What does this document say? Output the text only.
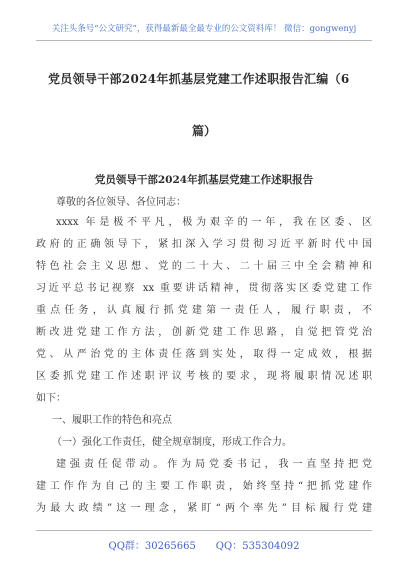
关注头条号“公文研究”，获得最新最全最专业的公文资料库！ 微信：gongwenyj
党员领导干部2024年抓基层党建工作述职报告汇编（6
篇）
党员领导干部2024年抓基层党建工作述职报告
尊敬的各位领导、各位同志：
xxxx 年是极不平凡，极为艰辛的一年，我在区委、区
政府的正确领导下，紧扣深入学习贯彻习近平新时代中国
特色社会主义思想、党的二十大、二十届三中全会精神和
习近平总书记视察 xx 重要讲话精神，贯彻落实区委党建工作
重点任务，认真履行抓党建第一责任人，履行职责，不
断改进党建工作方法，创新党建工作思路，自觉把管党治
党、从严治党的主体责任落到实处，取得一定成效，根据
区委抓党建工作述职评议考核的要求，现将履职情况述职
如下：
一、履职工作的特色和亮点
（一）强化工作责任，健全规章制度，形成工作合力。
建强责任促带动。作为局党委书记，我一直坚持把党
建工作作为自己的主要工作职责，始终坚持“把抓党建作
为最大政绩”这一理念，紧盯“两个率先”目标履行党建
QQ群：30265665　　QQ：535304092
